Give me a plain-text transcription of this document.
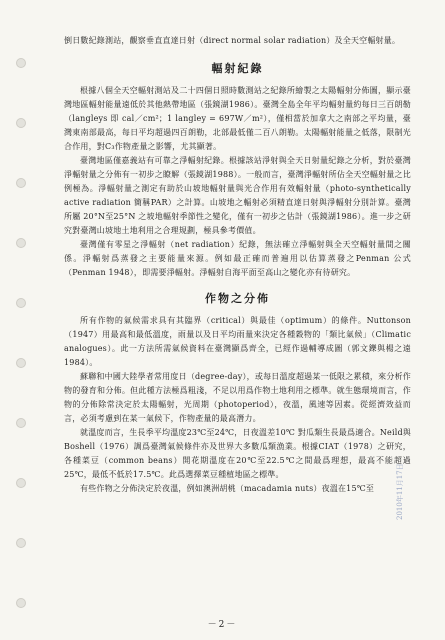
倒日數紀錄測站，觀察垂直直達日射（direct normal solar radiation）及全天空輻射量。

輻射紀錄

根據八個全天空輻射測站及二十四個日照時數測站之紀錄所繪製之太陽輻射分佈圖，顯示臺灣地區輻射能量遠低於其他熱帶地區（張鏡湖1986）。臺灣全島全年平均輻射量約每日三百朗勒（langleys 即 cal／cm²；1 langley = 697W／m²），僅相當於加拿大之南部之平均量，臺灣東南部最高，每日平均超過四百朗勒，北部最低僅二百八朗勒。太陽輻射能量之低落，限制光合作用，對C₃作物產量之影響，尤其顯著。

臺灣地區僅嘉義站有可靠之淨輻射紀錄。根據該站淨射與全天日射量紀錄之分析，對於臺灣淨輻射量之分佈有一初步之瞭解（張鏡湖1988）。一般而言，臺灣淨輻射所佔全天空輻射量之比例極為。淨輻射量之測定有助於山坡地輻射量與光合作用有效輻射量（photo-synthetically active radiation 簡稱PAR）之計算。山坡地之輻射必須精直達日射與淨輻射分別計算。臺灣所屬 20°N至25°N 之坡地輻射季節性之變化，僅有一初步之估計（張鏡湖1986）。進一步之研究對臺灣山坡地土地利用之合理規劃，極具參考價值。

臺灣僅有零星之淨輻射（net radiation）紀錄，無法確立淨輻射與全天空輻射量間之關係。淨輻射爲蒸發之主要能量來源。例如最正確而普遍用以估算蒸發之Penman 公式（Penman 1948），即需要淨輻射。淨輻射自海平面至高山之變化亦有待研究。

作物之分佈

所有作物的氣候需求具有其臨界（critical）與最佳（optimum）的條件。Nuttonson（1947）用最高和最低溫度，雨量以及日平均雨量來決定各種穀物的「類比氣候」（Climatic analogues）。此一方法所需氣候資料在臺灣顯爲齊全，已經作過輔導成圖（郭文鑠與楊之遠1984）。

蘇聯和中國大陸學者常用度日（degree-day），或每日溫度超過某一低限之累積，來分析作物的發育和分佈。但此種方法極爲粗淺，不足以用爲作物土地利用之標準。就生態環境而言，作物的分佈除常決定於太陽輻射，光周期（photoperiod），夜溫，風速等因素。從經濟效益而言，必須考慮到在某一氣候下，作物產量的最高潛力。

就溫度而言，生長季平均溫度23℃至24℃，日夜溫差10℃ 對瓜類生長最爲適合。Neild與Boshell（1976）調爲臺灣氣候條件亦及世界大多數瓜類漁業。根據CIAT（1978）之研究，各種菜豆（common beans）開花期溫度在20℃至22.5℃之間最爲理想，最高不能超過25℃，最低不低於17.5℃。此爲選擇菜豆種植地區之標準。

有些作物之分佈決定於夜溫，例如澳洲胡桃（macadamia nuts）夜溫在15℃至	2010年11月17日
－2－
